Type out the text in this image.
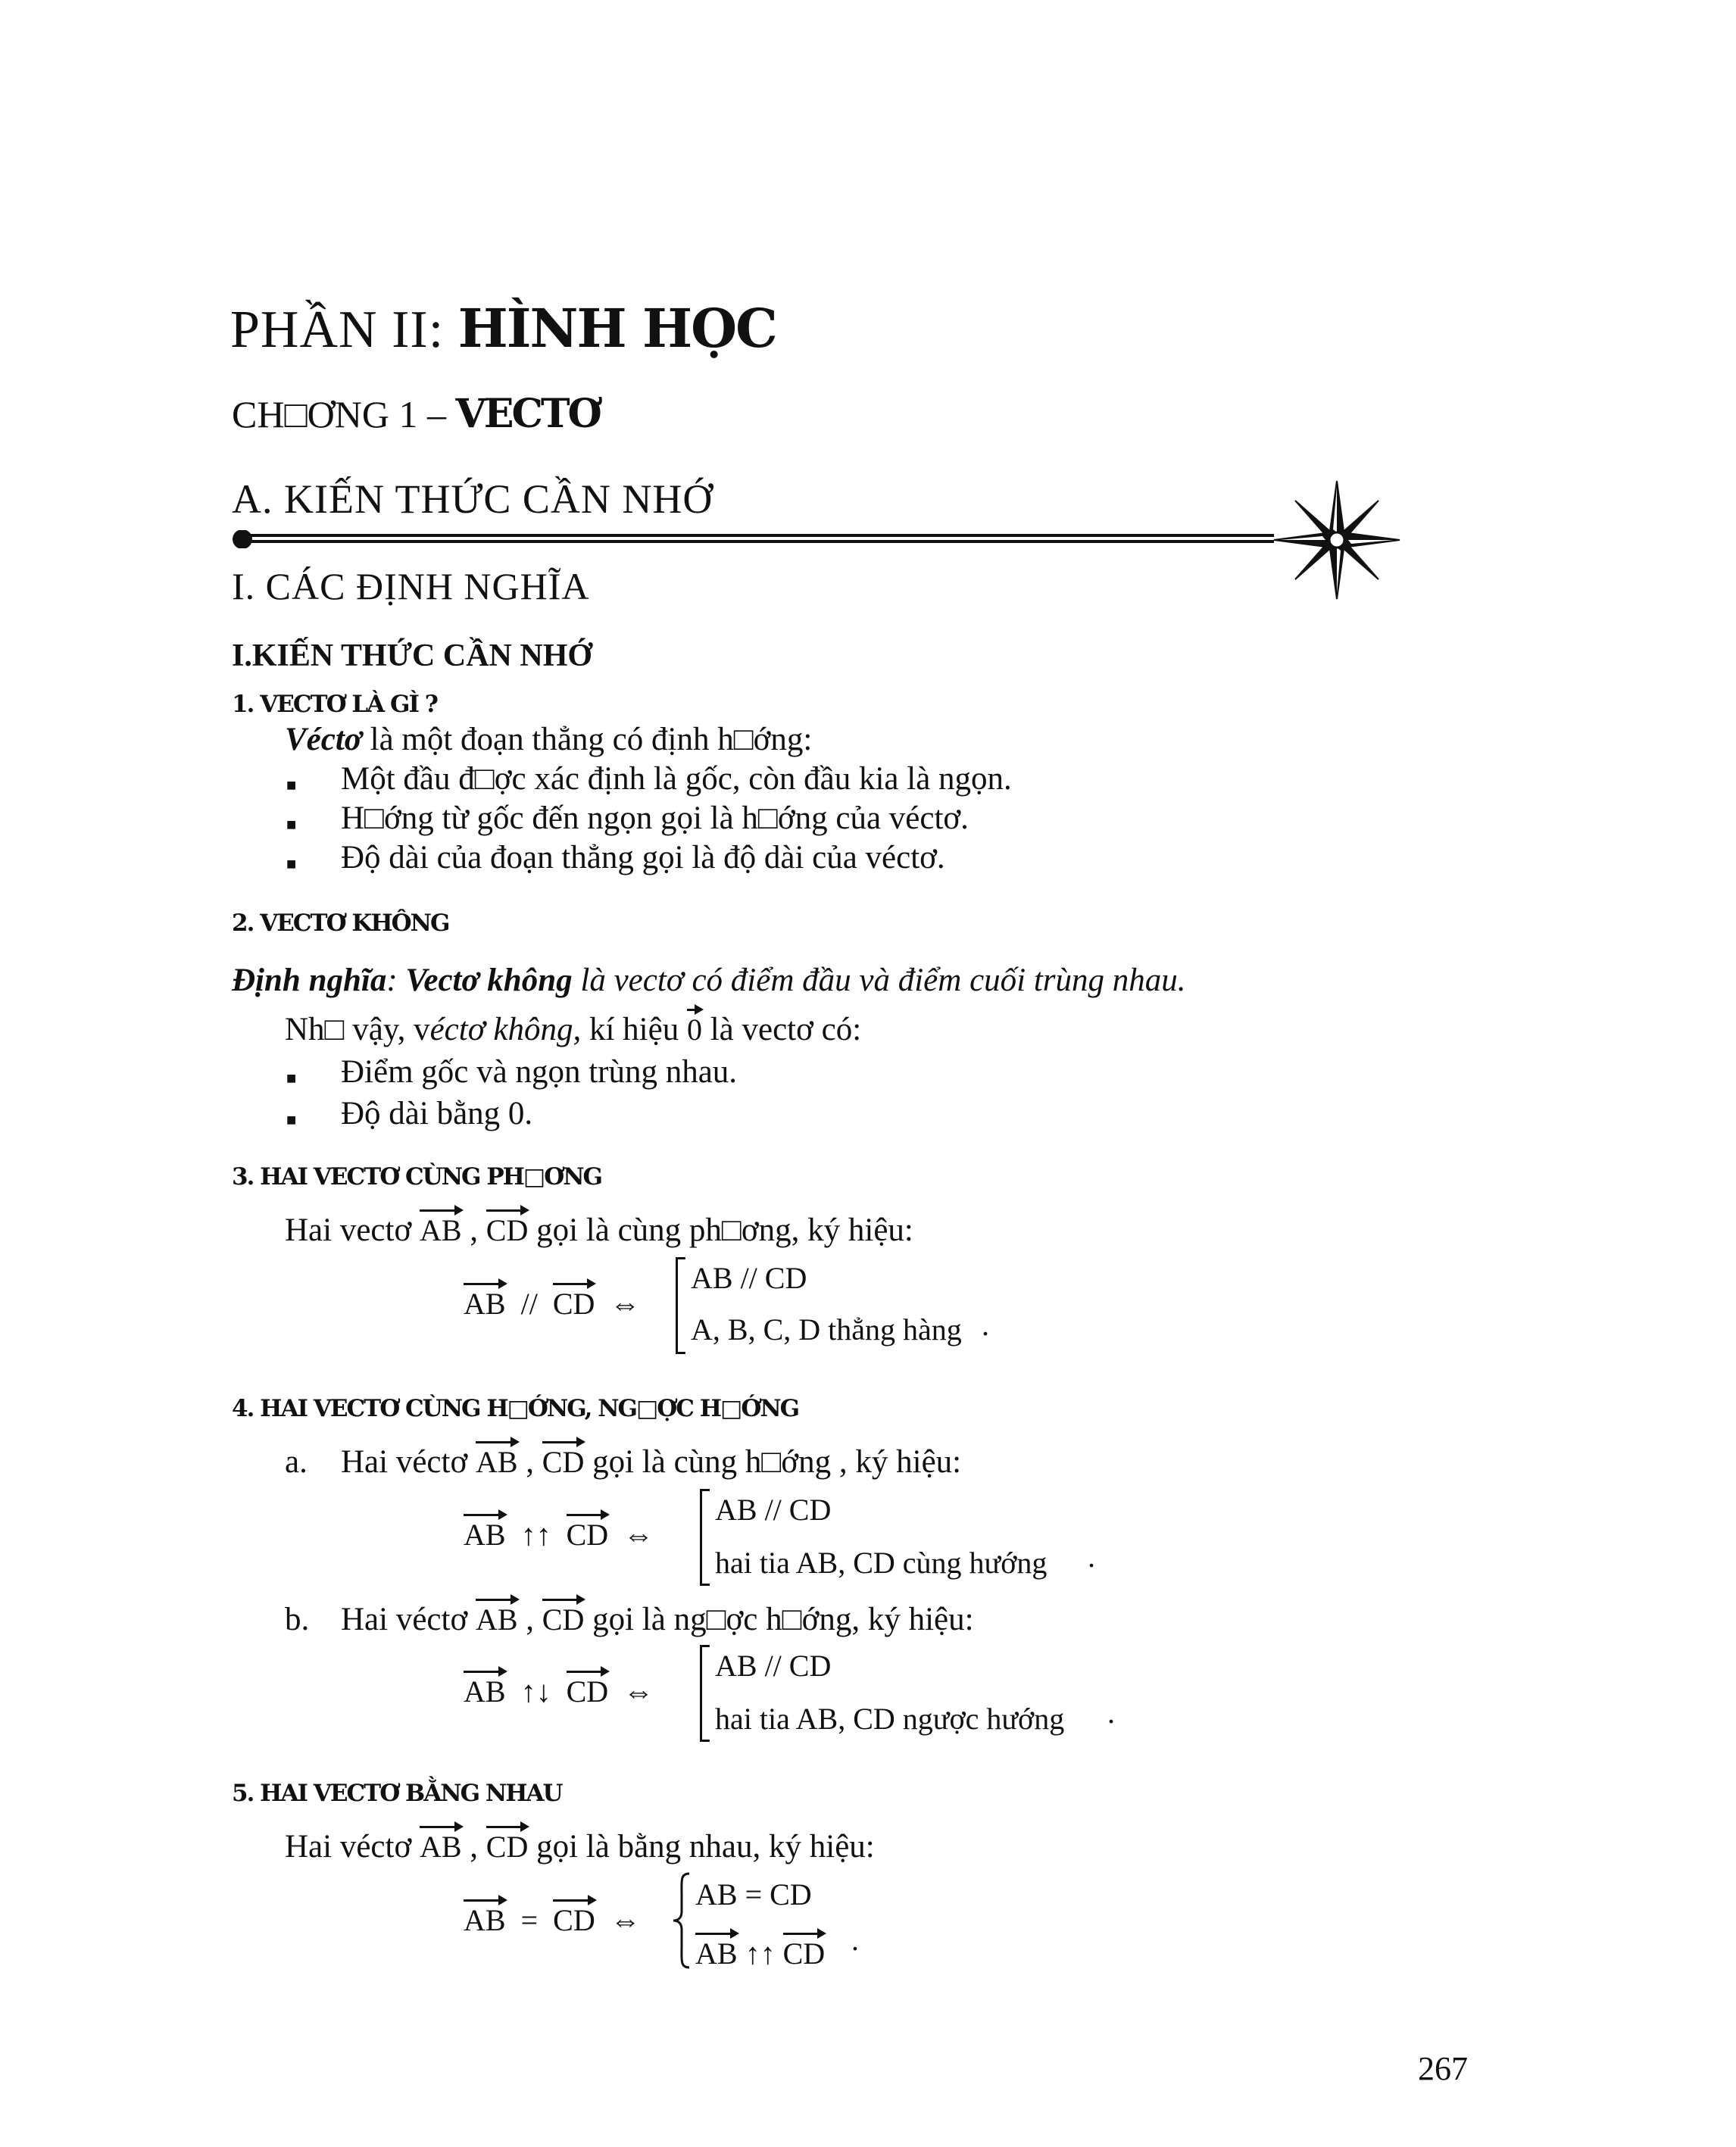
PHẦN II: HÌNH HỌC
CH□ƠNG 1 – VECTƠ
A. KIẾN THỨC CẦN NHỚ
I. CÁC ĐỊNH NGHĨA
I.KIẾN THỨC CẦN NHỚ
1. VECTƠ LÀ GÌ ?
Véctơ là một đoạn thẳng có định h□ớng:
■ Một đầu đ□ợc xác định là gốc, còn đầu kia là ngọn.
■ H□ớng từ gốc đến ngọn gọi là h□ớng của véctơ.
■ Độ dài của đoạn thẳng gọi là độ dài của véctơ.
2. VECTƠ KHÔNG
Định nghĩa: Vectơ không là vectơ có điểm đầu và điểm cuối trùng nhau.
Nh□ vậy, véctơ không, kí hiệu 0 là vectơ có:
■ Điểm gốc và ngọn trùng nhau.
■ Độ dài bằng 0.
3. HAI VECTƠ CÙNG PH□ƠNG
Hai vectơ AB , CD gọi là cùng ph□ơng, ký hiệu:
AB // CD ⇔
AB // CD
A, B, C, D thẳng hàng .
4. HAI VECTƠ CÙNG H□ỚNG, NG□ỢC H□ỚNG
a. Hai véctơ AB , CD gọi là cùng h□ớng , ký hiệu:
AB ↑↑ CD ⇔
AB // CD
hai tia AB, CD cùng hướng .
b. Hai véctơ AB , CD gọi là ng□ợc h□ớng, ký hiệu:
AB ↑↓ CD ⇔
AB // CD
hai tia AB, CD ngược hướng .
5. HAI VECTƠ BẰNG NHAU
Hai véctơ AB , CD gọi là bằng nhau, ký hiệu:
AB = CD ⇔
AB = CD
AB ↑↑ CD .
267
